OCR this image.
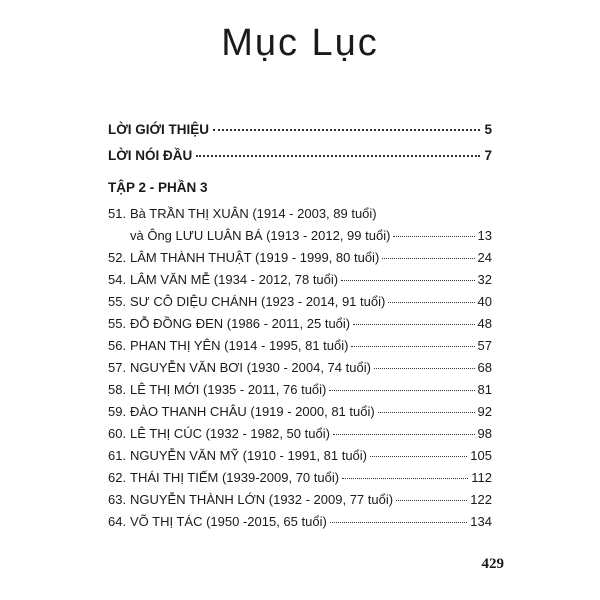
Mục Lục
LỜI GIỚI THIỆU	5
LỜI NÓI ĐẦU	7
TẬP 2 - PHẦN 3
51. Bà TRẦN THỊ XUÂN (1914 - 2003, 89 tuổi)
và Ông LƯU LUÂN BÁ (1913 - 2012, 99 tuổi)	13
52. LÂM THÀNH THUẬT (1919 - 1999, 80 tuổi)	24
54. LÂM VĂN MỄ (1934 - 2012, 78 tuổi)	32
55. SƯ CÔ DIỆU CHÁNH (1923 - 2014, 91 tuổi)	40
55. ĐỖ ĐỒNG ĐEN (1986 - 2011, 25 tuổi)	48
56. PHAN THỊ YÊN (1914 - 1995, 81 tuổi)	57
57. NGUYỄN VĂN BƠI (1930 - 2004, 74 tuổi)	68
58. LÊ THỊ MỚI (1935 - 2011, 76 tuổi)	81
59. ĐÀO THANH CHÂU (1919 - 2000, 81 tuổi)	92
60. LÊ THỊ CÚC (1932 - 1982, 50 tuổi)	98
61. NGUYỄN VĂN MỸ (1910 - 1991, 81 tuổi)	105
62. THÁI THỊ TIẾM (1939-2009, 70 tuổi)	112
63. NGUYỄN THÀNH LỚN (1932 - 2009, 77 tuổi)	122
64. VÕ THỊ TÁC (1950 -2015, 65 tuổi)	134
429
